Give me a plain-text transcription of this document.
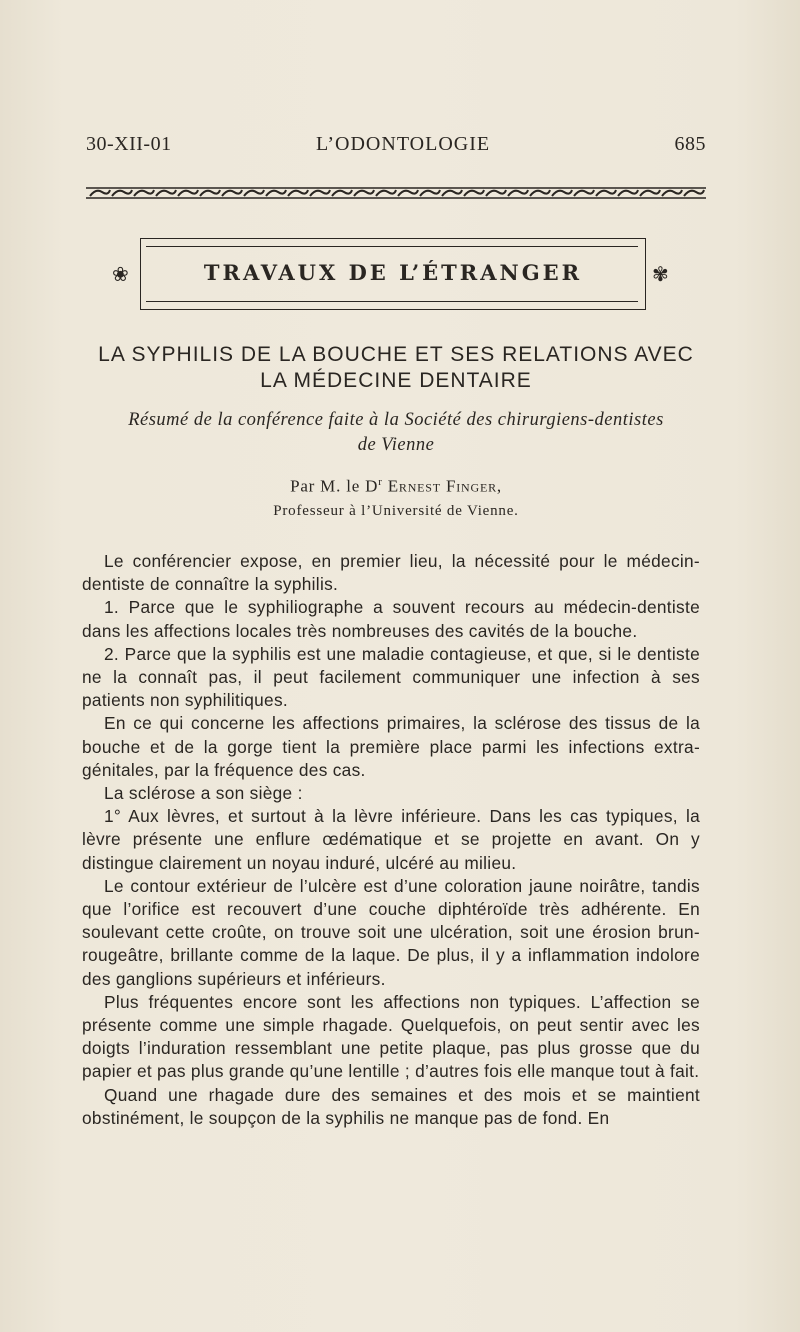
30-XII-01	L’ODONTOLOGIE	685
❀	TRAVAUX DE L’ÉTRANGER	✾
LA SYPHILIS DE LA BOUCHE ET SES RELATIONS AVEC
LA MÉDECINE DENTAIRE
Résumé de la conférence faite à la Société des chirurgiens-dentistes
de Vienne
Par M. le $D^r$ Ernest Finger,
Professeur à l’Université de Vienne.

Le conférencier expose, en premier lieu, la nécessité pour le médecin-dentiste de connaître la syphilis.

1. Parce que le syphiliographe a souvent recours au médecin-dentiste dans les affections locales très nombreuses des cavités de la bouche.

2. Parce que la syphilis est une maladie contagieuse, et que, si le dentiste ne la connaît pas, il peut facilement communiquer une infection à ses patients non syphilitiques.

En ce qui concerne les affections primaires, la sclérose des tissus de la bouche et de la gorge tient la première place parmi les infections extra-génitales, par la fréquence des cas.

La sclérose a son siège :

1° Aux lèvres, et surtout à la lèvre inférieure. Dans les cas typiques, la lèvre présente une enflure œdématique et se projette en avant. On y distingue clairement un noyau induré, ulcéré au milieu.

Le contour extérieur de l’ulcère est d’une coloration jaune noirâtre, tandis que l’orifice est recouvert d’une couche diphtéroïde très adhérente. En soulevant cette croûte, on trouve soit une ulcération, soit une érosion brun-rougeâtre, brillante comme de la laque. De plus, il y a inflammation indolore des ganglions supérieurs et inférieurs.

Plus fréquentes encore sont les affections non typiques. L’affection se présente comme une simple rhagade. Quelquefois, on peut sentir avec les doigts l’induration ressemblant une petite plaque, pas plus grosse que du papier et pas plus grande qu’une lentille ; d’autres fois elle manque tout à fait.

Quand une rhagade dure des semaines et des mois et se maintient obstinément, le soupçon de la syphilis ne manque pas de fond. En
